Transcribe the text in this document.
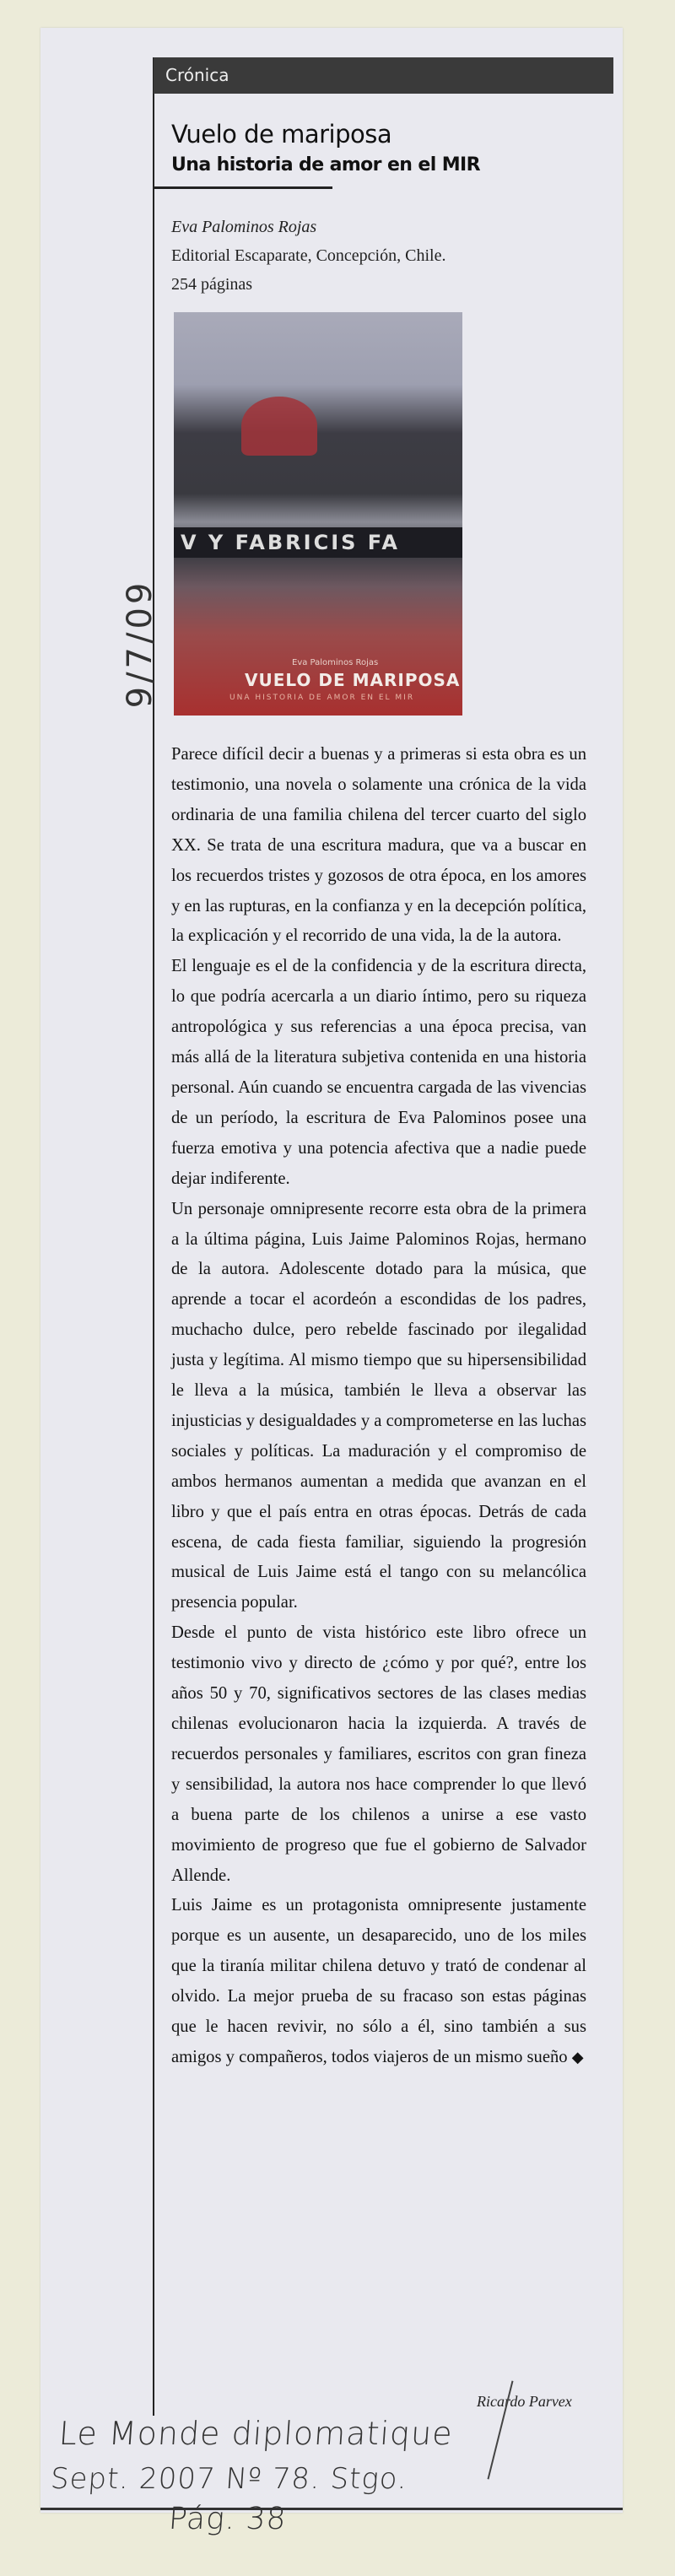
Crónica
Vuelo de mariposa
Una historia de amor en el MIR
Eva Palominos Rojas
Editorial Escaparate, Concepción, Chile.
254 páginas
V Y FABRICIS FA
Eva Palominos Rojas
VUELO DE MARIPOSA
UNA HISTORIA DE AMOR EN EL MIR

Parece difícil decir a buenas y a primeras si esta obra es un testimonio, una novela o solamente una crónica de la vida ordinaria de una familia chilena del tercer cuarto del siglo XX. Se trata de una escritura madura, que va a buscar en los recuerdos tristes y gozosos de otra época, en los amores y en las rupturas, en la confianza y en la decepción política, la explicación y el recorrido de una vida, la de la autora.

El lenguaje es el de la confidencia y de la escritura directa, lo que podría acercarla a un diario íntimo, pero su riqueza antropológica y sus referencias a una época precisa, van más allá de la literatura subjetiva contenida en una historia personal. Aún cuando se encuentra cargada de las vivencias de un período, la escritura de Eva Palominos posee una fuerza emotiva y una potencia afectiva que a nadie puede dejar indiferente.

Un personaje omnipresente recorre esta obra de la primera a la última página, Luis Jaime Palominos Rojas, hermano de la autora. Adolescente dotado para la música, que aprende a tocar el acordeón a escondidas de los padres, muchacho dulce, pero rebelde fascinado por ilegalidad justa y legítima. Al mismo tiempo que su hipersensibilidad le lleva a la música, también le lleva a observar las injusticias y desigualdades y a comprometerse en las luchas sociales y políticas. La maduración y el compromiso de ambos hermanos aumentan a medida que avanzan en el libro y que el país entra en otras épocas. Detrás de cada escena, de cada fiesta familiar, siguiendo la progresión musical de Luis Jaime está el tango con su melancólica presencia popular.

Desde el punto de vista histórico este libro ofrece un testimonio vivo y directo de ¿cómo y por qué?, entre los años 50 y 70, significativos sectores de las clases medias chilenas evolucionaron hacia la izquierda. A través de recuerdos personales y familiares, escritos con gran fineza y sensibilidad, la autora nos hace comprender lo que llevó a buena parte de los chilenos a unirse a ese vasto movimiento de progreso que fue el gobierno de Salvador Allende.

Luis Jaime es un protagonista omnipresente justamente porque es un ausente, un desaparecido, uno de los miles que la tiranía militar chilena detuvo y trató de condenar al olvido. La mejor prueba de su fracaso son estas páginas que le hacen revivir, no sólo a él, sino también a sus amigos y compañeros, todos viajeros de un mismo sueño ◆

Ricardo Parvex
Le Monde diplomatique
Sept. 2007 Nº 78. Stgo.
Pág. 38
9/7/09
